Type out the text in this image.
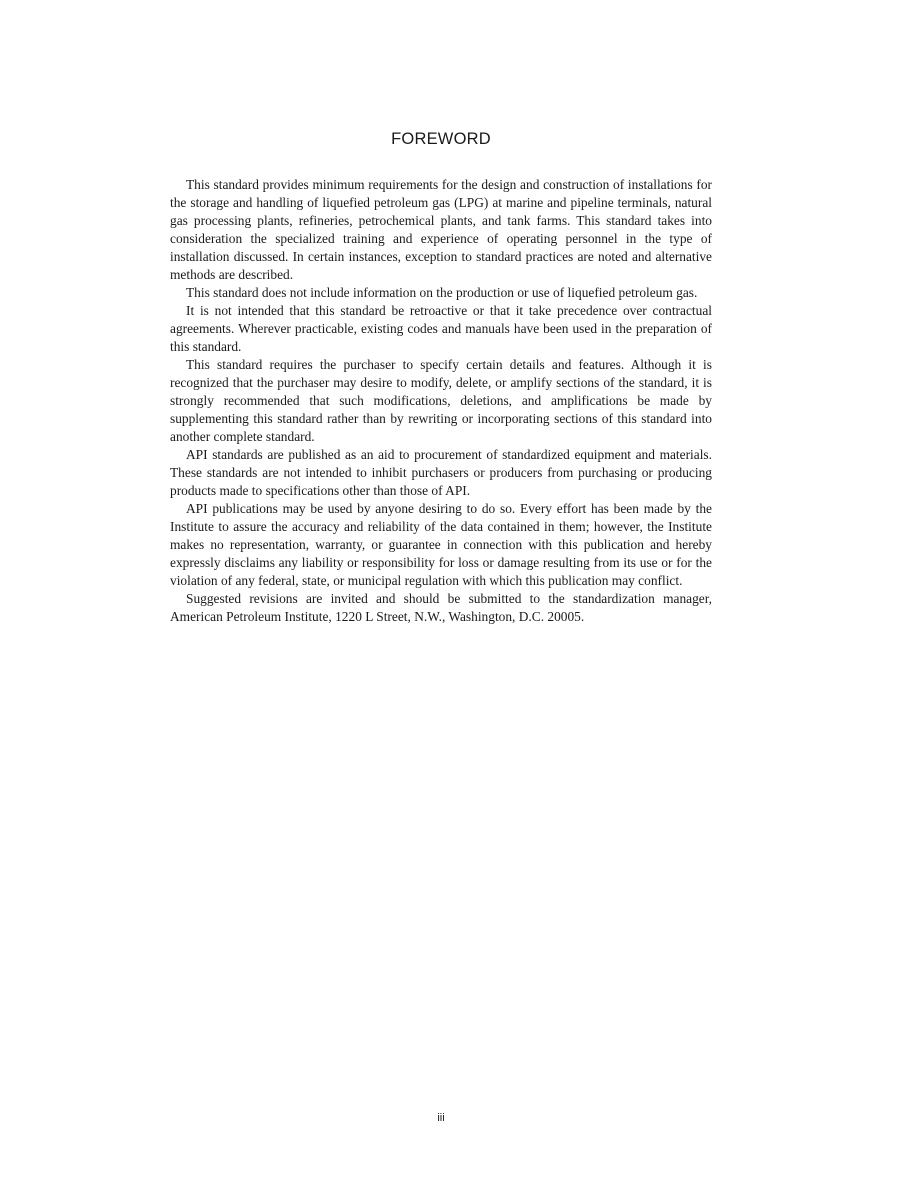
FOREWORD

This standard provides minimum requirements for the design and construction of installations for the storage and handling of liquefied petroleum gas (LPG) at marine and pipeline terminals, natural gas processing plants, refineries, petrochemical plants, and tank farms. This standard takes into consideration the specialized training and experience of operating personnel in the type of installation discussed. In certain instances, exception to standard practices are noted and alternative methods are described.

This standard does not include information on the production or use of liquefied petroleum gas.

It is not intended that this standard be retroactive or that it take precedence over contractual agreements. Wherever practicable, existing codes and manuals have been used in the preparation of this standard.

This standard requires the purchaser to specify certain details and features. Although it is recognized that the purchaser may desire to modify, delete, or amplify sections of the standard, it is strongly recommended that such modifications, deletions, and amplifications be made by supplementing this standard rather than by rewriting or incorporating sections of this standard into another complete standard.

API standards are published as an aid to procurement of standardized equipment and materials. These standards are not intended to inhibit purchasers or producers from purchasing or producing products made to specifications other than those of API.

API publications may be used by anyone desiring to do so. Every effort has been made by the Institute to assure the accuracy and reliability of the data contained in them; however, the Institute makes no representation, warranty, or guarantee in connection with this publication and hereby expressly disclaims any liability or responsibility for loss or damage resulting from its use or for the violation of any federal, state, or municipal regulation with which this publication may conflict.

Suggested revisions are invited and should be submitted to the standardization manager, American Petroleum Institute, 1220 L Street, N.W., Washington, D.C. 20005.

iii
